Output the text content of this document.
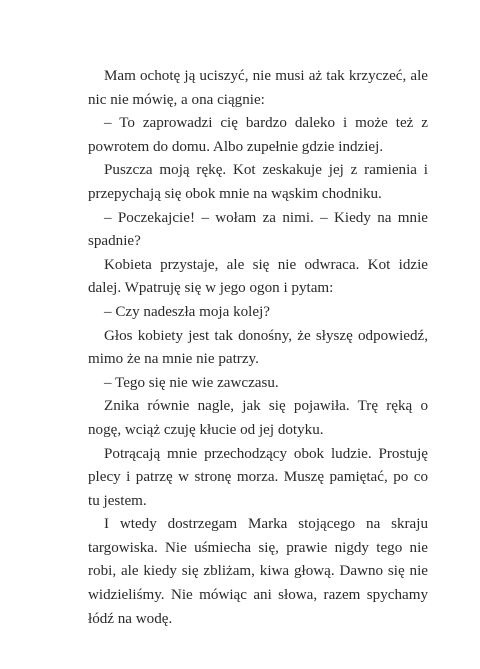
Mam ochotę ją uciszyć, nie musi aż tak krzyczeć, ale nic nie mówię, a ona ciągnie:

– To zaprowadzi cię bardzo daleko i może też z powrotem do domu. Albo zupełnie gdzie indziej.

Puszcza moją rękę. Kot zeskakuje jej z ramienia i przepychają się obok mnie na wąskim chodniku.

– Poczekajcie! – wołam za nimi. – Kiedy na mnie spadnie?

Kobieta przystaje, ale się nie odwraca. Kot idzie dalej. Wpatruję się w jego ogon i pytam:

– Czy nadeszła moja kolej?

Głos kobiety jest tak donośny, że słyszę odpowiedź, mimo że na mnie nie patrzy.

– Tego się nie wie zawczasu.

Znika równie nagle, jak się pojawiła. Trę ręką o nogę, wciąż czuję kłucie od jej dotyku.

Potrącają mnie przechodzący obok ludzie. Prostuję plecy i patrzę w stronę morza. Muszę pamiętać, po co tu jestem.

I wtedy dostrzegam Marka stojącego na skraju targowiska. Nie uśmiecha się, prawie nigdy tego nie robi, ale kiedy się zbliżam, kiwa głową. Dawno się nie widzieliśmy. Nie mówiąc ani słowa, razem spychamy łódź na wodę.
